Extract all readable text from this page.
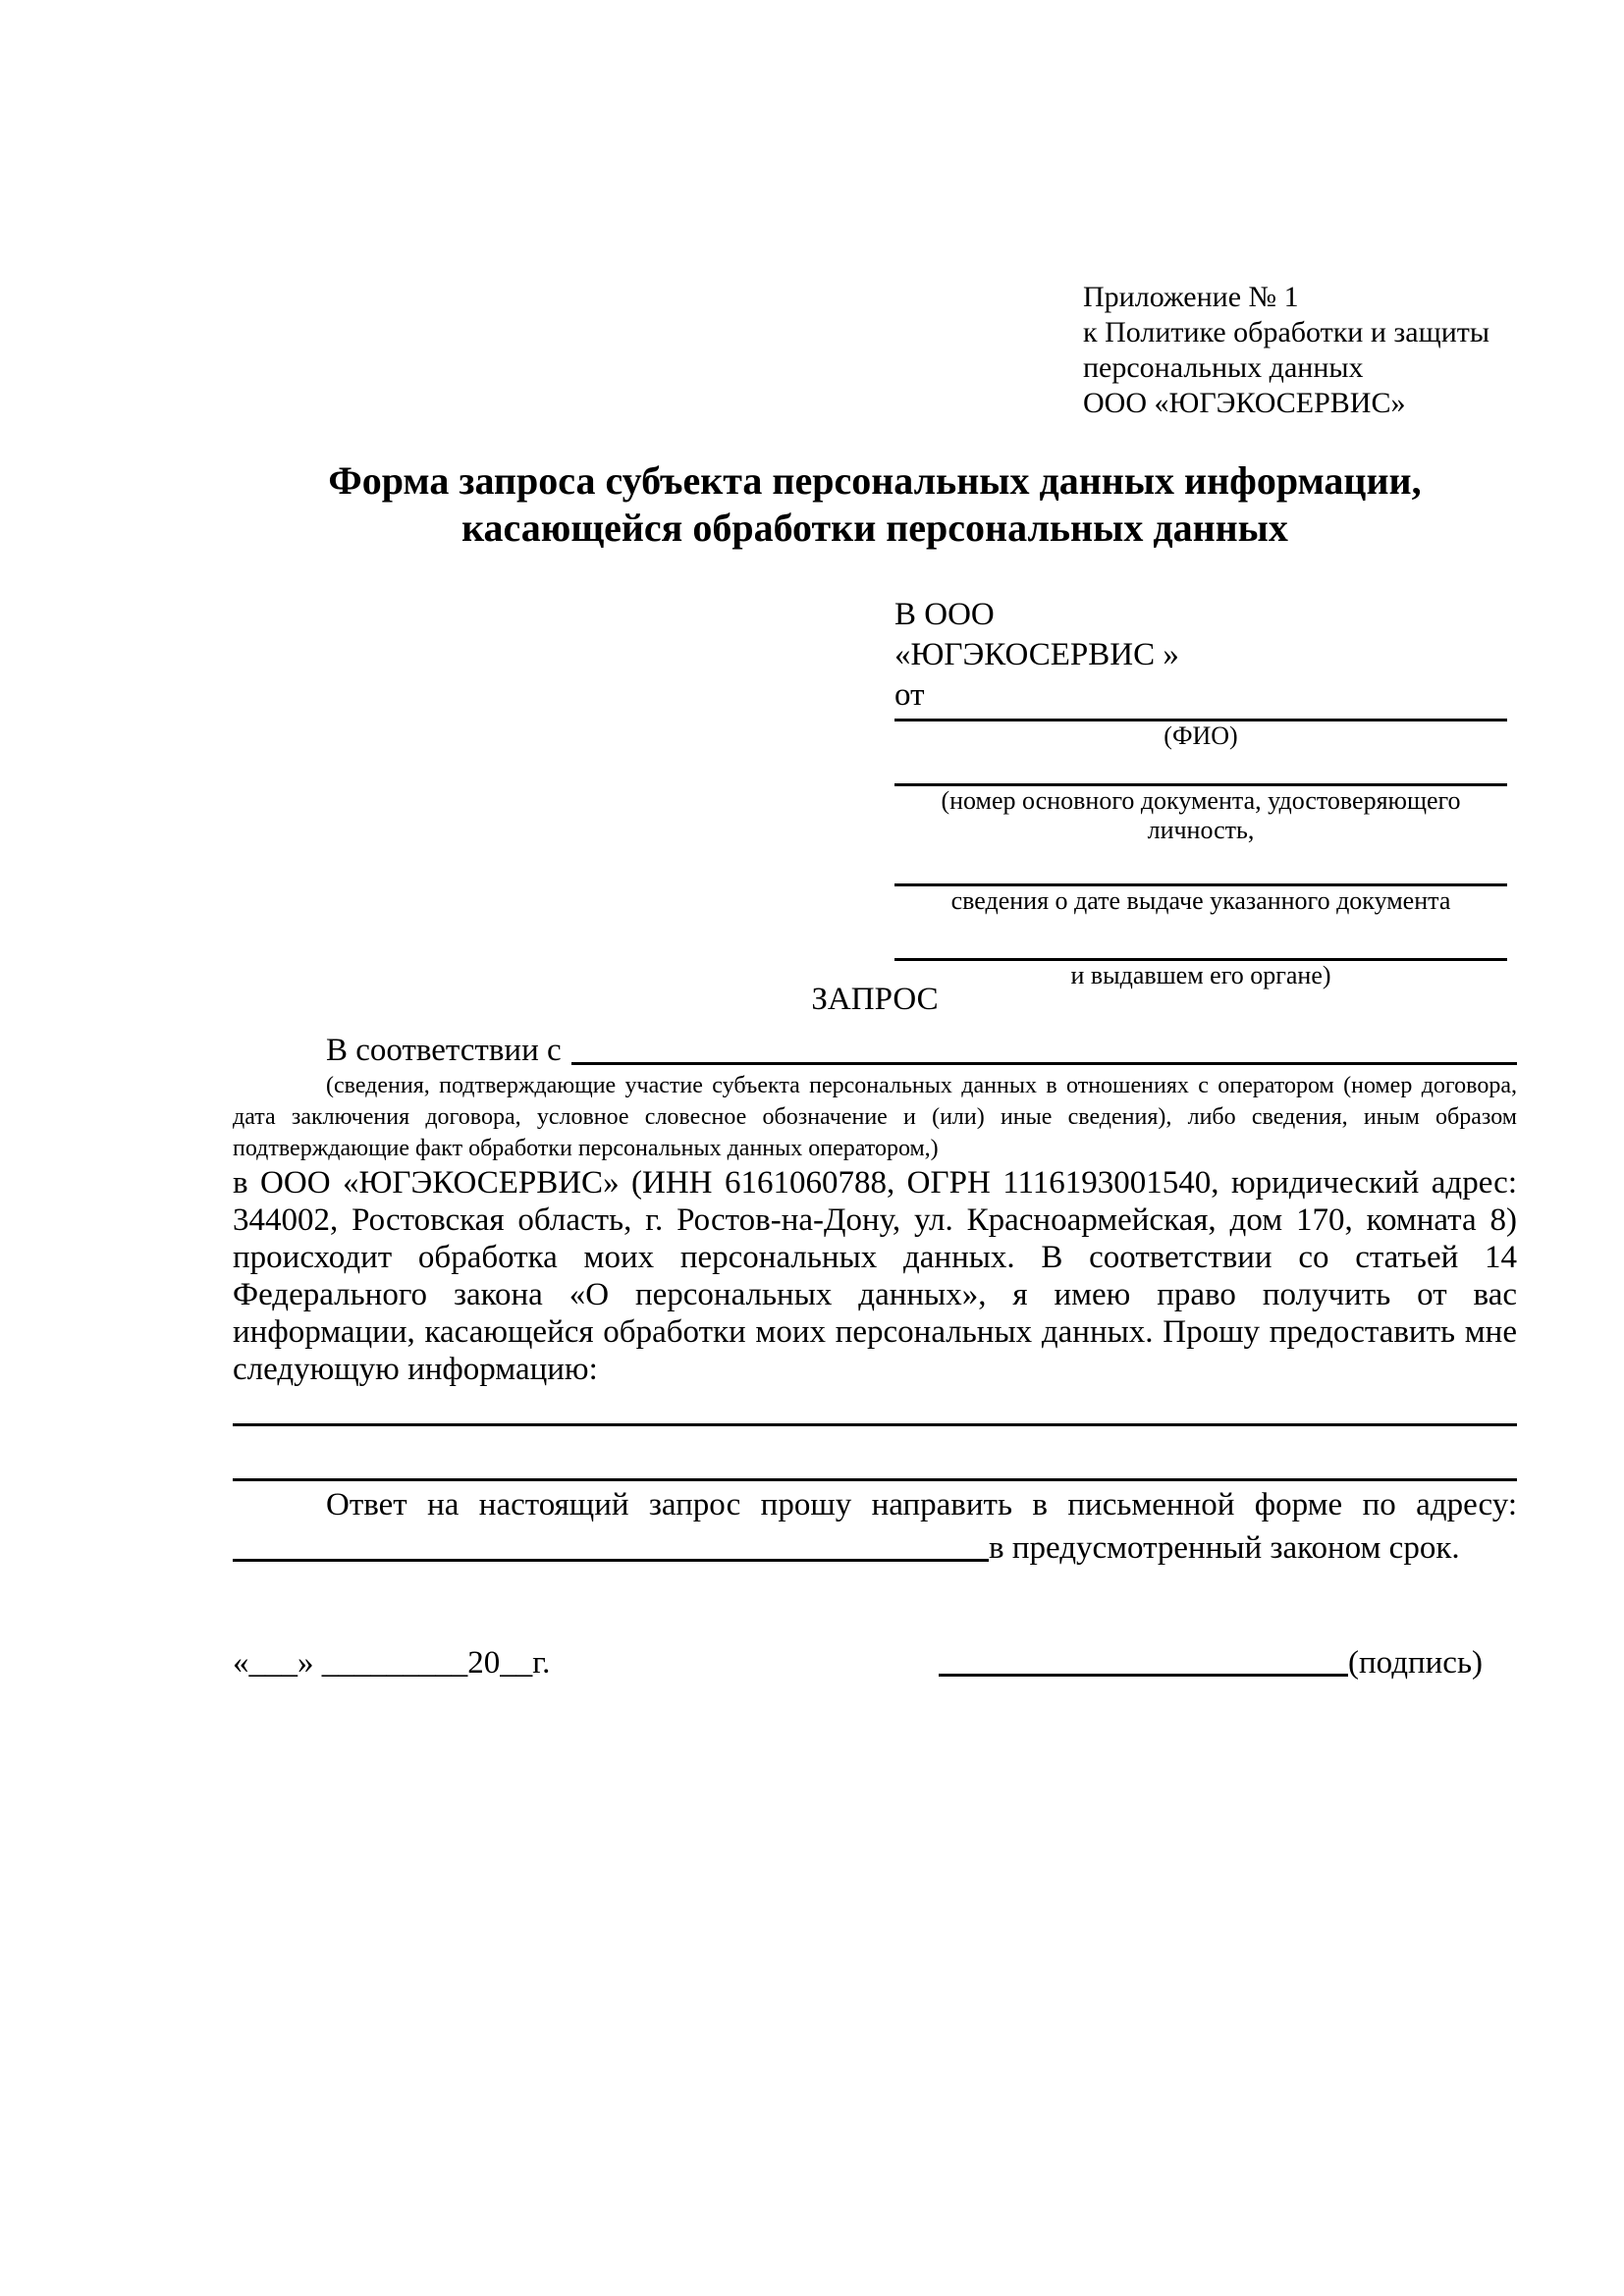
Приложение № 1
к Политике обработки и защиты
персональных данных
ООО «ЮГЭКОСЕРВИС»
Форма запроса субъекта персональных данных информации,
касающейся обработки персональных данных
В ООО
«ЮГЭКОСЕРВИС »
от
(ФИО)
(номер основного документа, удостоверяющего личность,
сведения о дате выдаче указанного документа
и выдавшем его органе)
ЗАПРОС
В соответствии с
(сведения, подтверждающие участие субъекта персональных данных в отношениях с оператором (номер договора, дата заключения договора, условное словесное обозначение и (или) иные сведения), либо сведения, иным образом подтверждающие факт обработки персональных данных оператором,)
в ООО «ЮГЭКОСЕРВИС» (ИНН 6161060788, ОГРН 1116193001540, юридический адрес: 344002, Ростовская область, г. Ростов-на-Дону, ул. Красноармейская, дом 170, комната 8) происходит обработка моих персональных данных. В соответствии со статьей 14 Федерального закона «О персональных данных», я имею право получить от вас информации, касающейся обработки моих персональных данных. Прошу предоставить мне следующую информацию:
Ответ на настоящий запрос прошу направить в письменной форме по адресу: в предусмотренный законом срок.
«___» _________20__г.	(подпись)
